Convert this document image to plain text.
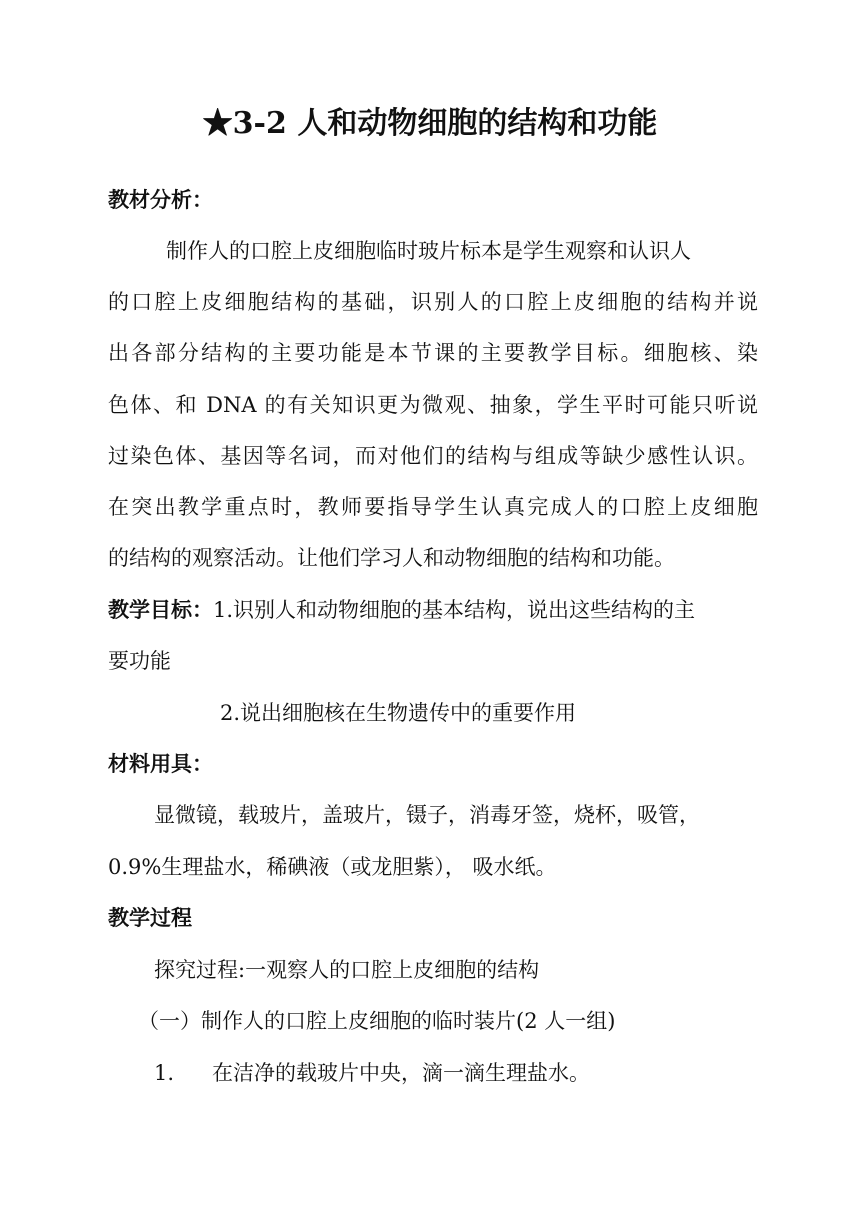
★3-2 人和动物细胞的结构和功能
教材分析：
制作人的口腔上皮细胞临时玻片标本是学生观察和认识人
的口腔上皮细胞结构的基础，识别人的口腔上皮细胞的结构并说
出各部分结构的主要功能是本节课的主要教学目标。细胞核、染
色体、和 DNA 的有关知识更为微观、抽象，学生平时可能只听说
过染色体、基因等名词，而对他们的结构与组成等缺少感性认识。
在突出教学重点时，教师要指导学生认真完成人的口腔上皮细胞
的结构的观察活动。让他们学习人和动物细胞的结构和功能。
教学目标：1.识别人和动物细胞的基本结构，说出这些结构的主
要功能
2.说出细胞核在生物遗传中的重要作用
材料用具：
显微镜，载玻片，盖玻片，镊子，消毒牙签，烧杯，吸管，
0.9%生理盐水，稀碘液（或龙胆紫）， 吸水纸。
教学过程
探究过程:一观察人的口腔上皮细胞的结构
（一）制作人的口腔上皮细胞的临时装片(2 人一组)
1. 在洁净的载玻片中央，滴一滴生理盐水。
